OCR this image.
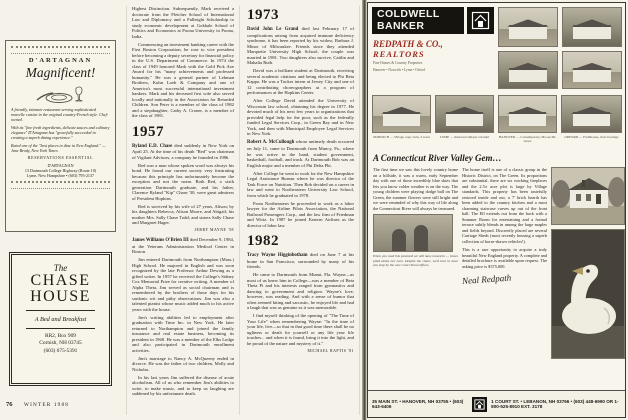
D'ARTAGNAN
Magnificent!

A friendly, intimate restaurant serving sophisticated nouvelle cuisine in the original country-French style. Chef-owned.

With its "fine fresh ingredients, delicate sauces and culinary elegance" D'Artagnan has "gracefully succeeded in creating a superb dining experience."

Rated one of the "best places to dine in New England." — Jane Brody, New York Times

RESERVATIONS ESSENTIAL

D'ARTAGNAN

13 Dartmouth College Highway (Route 10)

Lyme, New Hampshire • (603) 795-2137

The
CHASE
HOUSE
A Bed and Breakfast
RR2, Box 909
Cornish, NH 03745
(603) 675-5391
76 WINTER 1988

Highest Distinction. Subsequently, Mark received a doctorate from the Fletcher School of International Law and Diplomacy and a Fulbright Scholarship to study economic development at Gokhale School of Politics and Economics at Poona University in Poona, India.

Commencing an investment banking career with the First Boston Corporation, he rose to vice president before becoming a deputy secretary for financial policy in the U.S. Department of Commerce. In 1974 the class of 1949 honored Mark with the Gold Pick Axe Award for his "many achievements and professed humanity." He was a general partner of Lehman Brothers, Kuhn Loeb & Company and one of America's most successful international investment bankers. Mark and his deceased first wife also served locally and nationally in the Association for Retarded Children. Son Peter is a member of the class of 1982 and a stepdaughter, Cathy A. Croner, is a member of the class of 1981.

1957

Ryland E.D. Chase died suddenly in New York on April 25. At the time of his death "Red" was chairman of Vigilant Advisors, a company he founded in 1986.

Red was a man whose spoken word was always his bond. He found our current society very frustrating because this principle has unfortunately become the exception and not the norm. Both Red, a sixth generation Dartmouth graduate, and his father, Clarence Ryland "Kip" Chase '30, were great admirers of President Hopkins.

Red is survived by his wife of 27 years, Alison; by his daughters Rebecca, Alison Moore, and Abigail; his mother Mrs. Sally Chase Todd; and sisters Sally Chase and Margaret Hager.

JERRY MAYNE '58

James Williams O'Brien III died December 9, 1984, at the Veterans Administration Medical Center in Boston.

Jim entered Dartmouth from Northampton (Mass.) High School. He majored in English and was soon recognized by the late Professor Arthur Dewing as a gifted writer. In 1957 he received the College's Sidney Cox Memorial Prize for creative writing. A member of Alpha Theta, Jim served as social chairman and is remembered by the brothers of those days for his sardonic wit and pithy observations. Jim was also a talented pianist whose music added much to his active years with the house.

Jim's writing abilities led to employment after graduation with Time Inc. in New York. He later returned to Northampton and joined the family insurance and real estate business, becoming its president in 1968. He was a member of the Elks Lodge and also participated in Dartmouth enrollment activities.

Jim's marriage to Nancy A. McQueeny ended in divorce. He was the father of two children, Molly and Nicholas.

In his last years Jim suffered the disease of acute alcoholism. All of us who remember Jim's abilities to write, to make music, and to keep us laughing are saddened by his unfortunate death.

1973

David John Le Grand died last February 17 of complications arising from acquired immune deficiency syndrome, it has been reported by his widow, Barbara J. Minor of Milwaukee. Friends since they attended Marquette University High School, the couple was married in 1981. Two daughters also survive, Caitlin and Mahalia Ruth.

David was a brilliant student at Dartmouth, receiving several academic citations and being elected to Phi Beta Kappa. He was a Tucker intern at Jersey City and one of 12 contributing choreographers at a program of performances at the Hopkins Center.

After College David attended the University of Wisconsin law school, obtaining his degree in 1977. He devoted much of his next few years to organizations that provided legal help for the poor, such as the federally funded Legal Services Corp., in Green Bay and in New York, and then with Municipal Employee Legal Services in New York.

Robert A. McCullough whose untimely death occurred on July 11, came to Dartmouth from Muncy, Pa., where he was active in the band, student government, basketball, football, and track. At Dartmouth Bob was an English major and a member of Phi Delta Phi.

After College he went to work for the New Hampshire Legal Assistance Bureau where he was director of the Task Force on Nutrition. Then Bob decided on a career in law and went to Northeastern University Law School, from which he graduated in 1978.

From Northeastern he proceeded to work as a labor lawyer for the Airline Pilots Association, the National Railroad Passengers Corp., and the law firm of Friedman and Wirtz. In 1987 he joined Eastern Airlines as the director of labor law.

1982

Tracy Wayne Higginbotham died on June 7 at his home in San Francisco, surrounded by many of his friends.

He came to Dartmouth from Miami, Fla. Wayne—as most of us knew him in College—was a member of Beta Theta Pi and his interests ranged from gymnastics and dancing to government and religion. Wayne's love, however, was reading. And with a sense of humor that often seemed biting and sarcastic, he enjoyed life and had a laugh that was as genuine as it was memorable.

I find myself thinking of the opening of "The Time of Your Life" when remembering Wayne: "In the time of your life, live—so that in that good time there shall be no ugliness or death for yourself or any life your life touches... and when it is found, bring it into the light, and be proud of the nature and mystery of it."

MICHAEL RAPTIS '81
COLDWELL
BANKER
REDPATH & CO.,
REALTORS
Fine Homes & Country Properties
Hanover • Norwich • Lyme • Orford
NORWICH — Village cape, barn, 3 acres	LYME — Restored antique colonial	HANOVER — Contemporary, Moose Mt. views
ORFORD — Farmhouse, river frontage
A Connecticut River Valley Gem…

The first time we saw this lovely country home on a hillside, it was a warm, early September day with one of those incredibly blue skies that lets you know colder weather is on the way. The young children were playing dodge ball on The Green, the summer flowers were still bright and we were reminded of why this way of life along the Connecticut River will always be treasured.

When you read this postcard we will have moved in — boxes piled about our ears. Despite the chaos, we'd love to have you stop by the new Court Street offices.

The home itself is one of a classic group in the Historic District, on The Green. Its proportions are substantial, there are six working fireplaces and the 2.5± acre plot is large by Village standards. This property has been tastefully restored inside and out, a 7' brick hearth has been added to the country kitchen and a most charming staircase curves up out of the front hall. The Ell extends out from the back with a Summer Room for entertaining and a formal terrace subtly blends in among the large maples and fields beyond. Discreetly placed are several Carriage Sheds (most recently housing a superb collection of horse-drawn vehicles!).

This is a rare opportunity to acquire a truly beautiful New England property. A complete and detailed brochure is available upon request. The asking price is $375,000.

Neal Redpath
35 MAIN ST. • HANOVER, NH 03755 • (603) 643-6406
1 COURT ST. • LEBANON, NH 03766 • (603) 448-6990 OR 1-800-525-8910 EXT. 3178
